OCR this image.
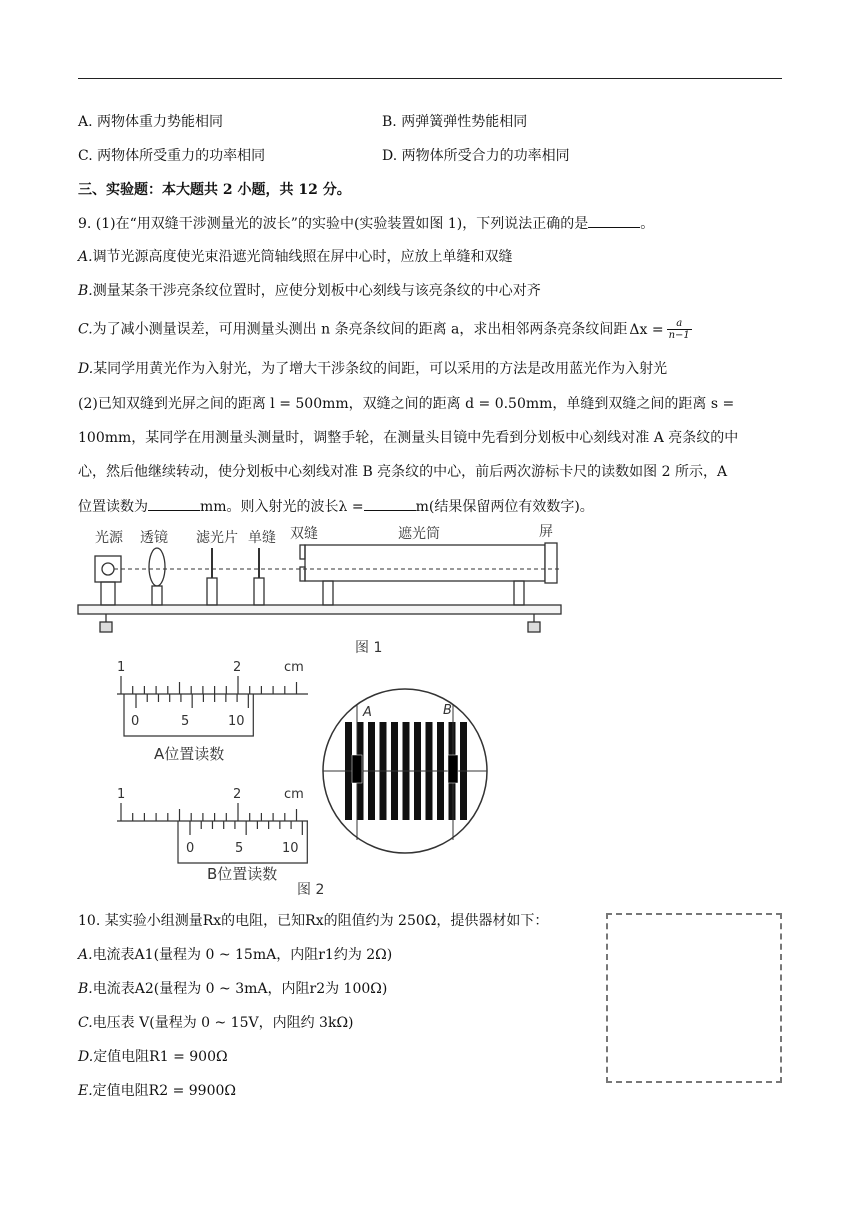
A. 两物体重力势能相同	B. 两弹簧弹性势能相同
C. 两物体所受重力的功率相同	D. 两物体所受合力的功率相同
三、实验题：本大题共 2 小题，共 12 分。
9. (1)在“用双缝干涉测量光的波长”的实验中(实验装置如图 1)，下列说法正确的是	。
A.调节光源高度使光束沿遮光筒轴线照在屏中心时，应放上单缝和双缝
B.测量某条干涉亮条纹位置时，应使分划板中心刻线与该亮条纹的中心对齐
C.为了减小测量误差，可用测量头测出 n 条亮条纹间的距离 a，求出相邻两条亮条纹间距 $\Delta x = \frac{a}{n-1}$
D.某同学用黄光作为入射光，为了增大干涉条纹的间距，可以采用的方法是改用蓝光作为入射光
(2)已知双缝到光屏之间的距离 l = 500mm，双缝之间的距离 d = 0.50mm，单缝到双缝之间的距离 s =
100mm，某同学在用测量头测量时，调整手轮，在测量头目镜中先看到分划板中心刻线对准 A 亮条纹的中
心，然后他继续转动，使分划板中心刻线对准 B 亮条纹的中心，前后两次游标卡尺的读数如图 2 所示，A
位置读数为	mm。则入射光的波长λ =	m(结果保留两位有效数字)。
光源 透镜 滤光片 单缝 双缝	遮光筒	屏
图 1
1	2	cm
0	5	10
A位置读数
1	2	cm
0	5	10
B位置读数
A	B
图 2
10. 某实验小组测量Rx的电阻，已知Rx的阻值约为 250Ω，提供器材如下：
A.电流表A1(量程为 0 ~ 15mA，内阻r1约为 2Ω)
B.电流表A2(量程为 0 ~ 3mA，内阻r2为 100Ω)
C.电压表 V(量程为 0 ~ 15V，内阻约 3kΩ)
D.定值电阻R1 = 900Ω
E.定值电阻R2 = 9900Ω
